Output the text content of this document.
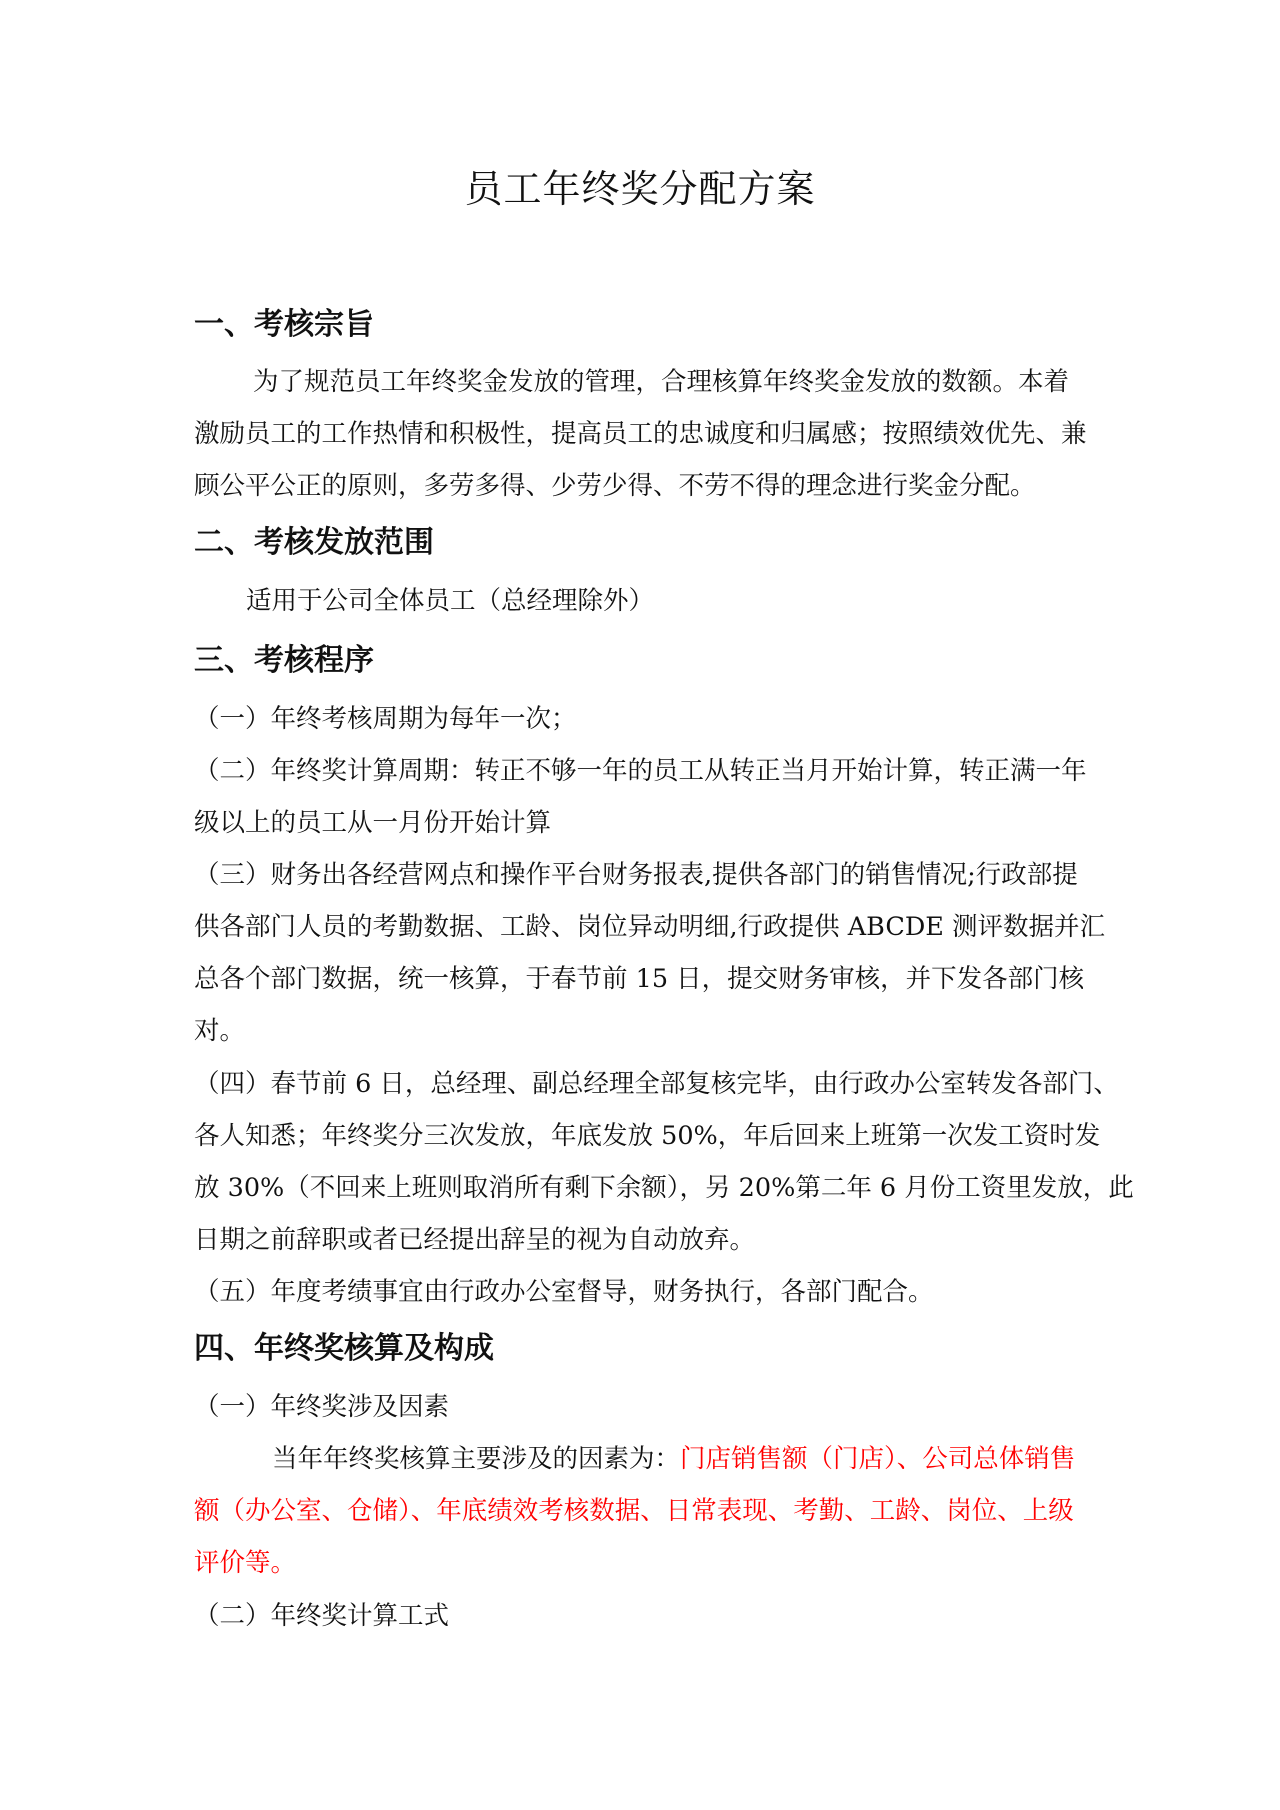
员工年终奖分配方案
一、考核宗旨

为了规范员工年终奖金发放的管理，合理核算年终奖金发放的数额。本着

激励员工的工作热情和积极性，提高员工的忠诚度和归属感；按照绩效优先、兼

顾公平公正的原则，多劳多得、少劳少得、不劳不得的理念进行奖金分配。

二、考核发放范围

适用于公司全体员工（总经理除外）

三、考核程序

（一）年终考核周期为每年一次；

（二）年终奖计算周期：转正不够一年的员工从转正当月开始计算，转正满一年

级以上的员工从一月份开始计算

（三）财务出各经营网点和操作平台财务报表,提供各部门的销售情况;行政部提

供各部门人员的考勤数据、工龄、岗位异动明细,行政提供 ABCDE 测评数据并汇

总各个部门数据，统一核算，于春节前 15 日，提交财务审核，并下发各部门核

对。

（四）春节前 6 日，总经理、副总经理全部复核完毕，由行政办公室转发各部门、

各人知悉；年终奖分三次发放，年底发放 50%，年后回来上班第一次发工资时发

放 30%（不回来上班则取消所有剩下余额），另 20%第二年 6 月份工资里发放，此

日期之前辞职或者已经提出辞呈的视为自动放弃。

（五）年度考绩事宜由行政办公室督导，财务执行，各部门配合。

四、年终奖核算及构成

（一）年终奖涉及因素

当年年终奖核算主要涉及的因素为：门店销售额（门店）、公司总体销售

额（办公室、仓储）、年底绩效考核数据、日常表现、考勤、工龄、岗位、上级

评价等。

（二）年终奖计算工式
